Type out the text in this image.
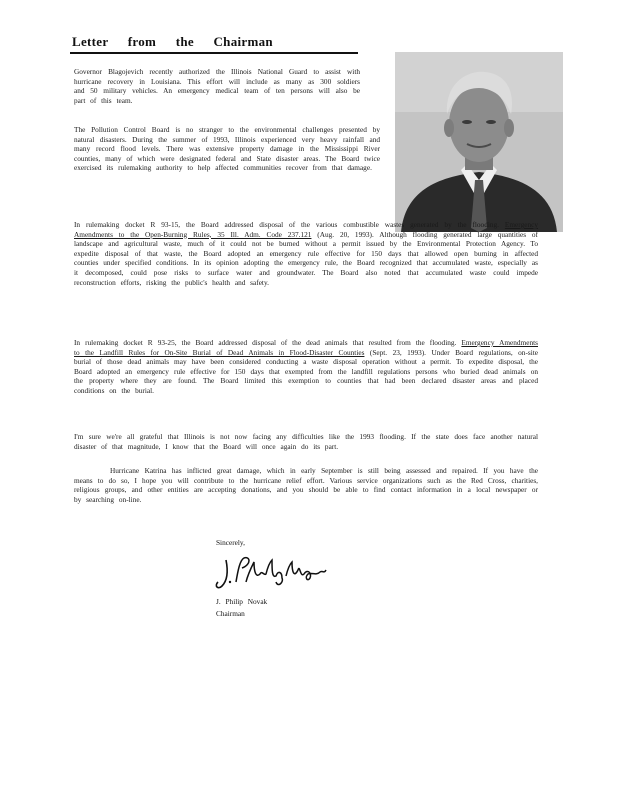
Letter from the Chairman
Governor Blagojevich recently authorized the Illinois National Guard to assist with hurricane recovery in Louisiana. This effort will include as many as 300 soldiers and 50 military vehicles. An emergency medical team of ten persons will also be part of this team.
The Pollution Control Board is no stranger to the environmental challenges presented by natural disasters. During the summer of 1993, Illinois experienced very heavy rainfall and many record flood levels. There was extensive property damage in the Mississippi River counties, many of which were designated federal and State disaster areas. The Board twice exercised its rulemaking authority to help affected communities recover from that damage.
In rulemaking docket R 93-15, the Board addressed disposal of the various combustible wastes generated by the flooding. Emergency Amendments to the Open-Burning Rules, 35 Ill. Adm. Code 237.121 (Aug. 20, 1993). Although flooding generated large quantities of landscape and agricultural waste, much of it could not be burned without a permit issued by the Environmental Protection Agency. To expedite disposal of that waste, the Board adopted an emergency rule effective for 150 days that allowed open burning in affected counties under specified conditions. In its opinion adopting the emergency rule, the Board recognized that accumulated waste, especially as it decomposed, could pose risks to surface water and groundwater. The Board also noted that accumulated waste could impede reconstruction efforts, risking the public's health and safety.
In rulemaking docket R 93-25, the Board addressed disposal of the dead animals that resulted from the flooding. Emergency Amendments to the Landfill Rules for On-Site Burial of Dead Animals in Flood-Disaster Counties (Sept. 23, 1993). Under Board regulations, on-site burial of those dead animals may have been considered conducting a waste disposal operation without a permit. To expedite disposal, the Board adopted an emergency rule effective for 150 days that exempted from the landfill regulations persons who buried dead animals on the property where they are found. The Board limited this exemption to counties that had been declared disaster areas and placed conditions on the burial.
I'm sure we're all grateful that Illinois is not now facing any difficulties like the 1993 flooding. If the state does face another natural disaster of that magnitude, I know that the Board will once again do its part.
Hurricane Katrina has inflicted great damage, which in early September is still being assessed and repaired. If you have the means to do so, I hope you will contribute to the hurricane relief effort. Various service organizations such as the Red Cross, charities, religious groups, and other entities are accepting donations, and you should be able to find contact information in a local newspaper or by searching on-line.
Sincerely,
J. Philip Novak
Chairman
